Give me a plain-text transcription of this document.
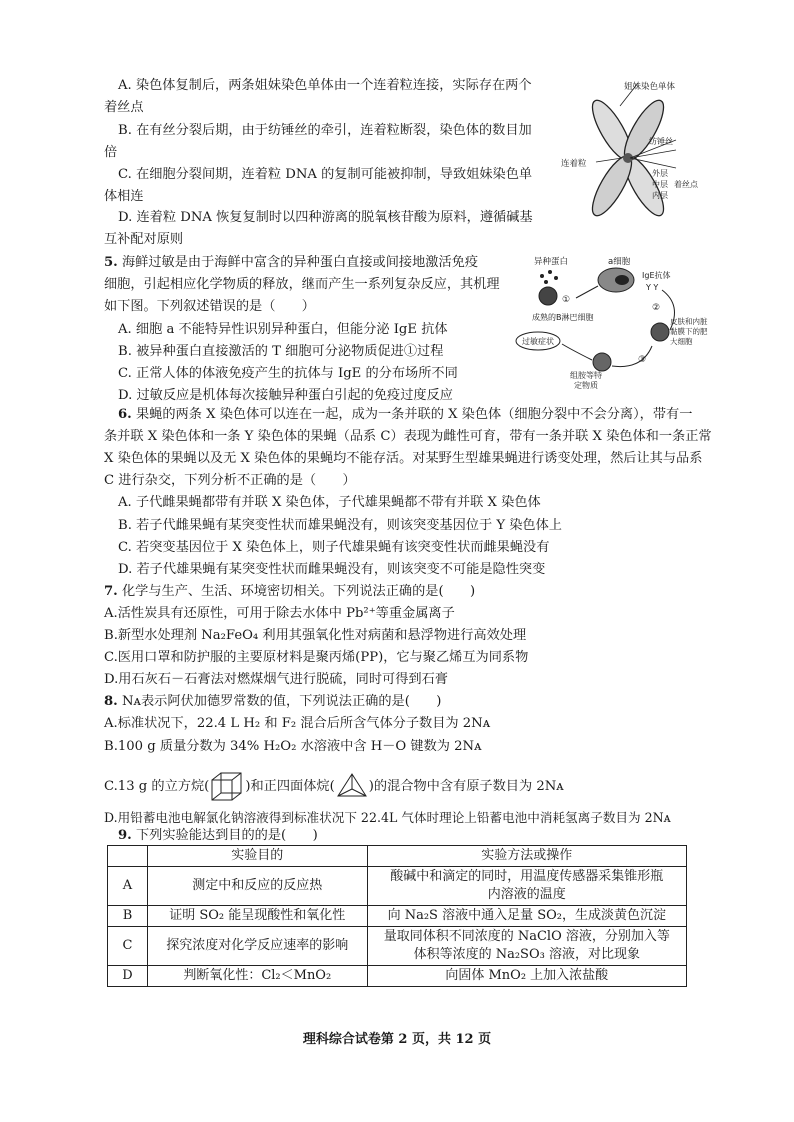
A. 染色体复制后，两条姐妹染色单体由一个连着粒连接，实际存在两个
着丝点
B. 在有丝分裂后期，由于纺锤丝的牵引，连着粒断裂，染色体的数目加
倍
C. 在细胞分裂间期，连着粒 DNA 的复制可能被抑制，导致姐妹染色单
体相连
D. 连着粒 DNA 恢复复制时以四种游离的脱氧核苷酸为原料，遵循碱基
互补配对原则
姐妹染色单体
纺锤丝
连着粒
外层
中层
内层
着丝点
5. 海鲜过敏是由于海鲜中富含的异种蛋白直接或间接地激活免疫
细胞，引起相应化学物质的释放，继而产生一系列复杂反应，其机理
如下图。下列叙述错误的是（　　）
A. 细胞 a 不能特异性识别异种蛋白，但能分泌 IgE 抗体
B. 被异种蛋白直接激活的 T 细胞可分泌物质促进①过程
C. 正常人体的体液免疫产生的抗体与 IgE 的分布场所不同
D. 过敏反应是机体每次接触异种蛋白引起的免疫过度反应
异种蛋白	a细胞
①
IgE抗体
Y Y
②
皮肤和内脏
黏膜下的肥
大细胞
成熟的B淋巴细胞
③
过敏症状
组胺等特
定物质
6. 果蝇的两条 X 染色体可以连在一起，成为一条并联的 X 染色体（细胞分裂中不会分离），带有一
条并联 X 染色体和一条 Y 染色体的果蝇（品系 C）表现为雌性可育，带有一条并联 X 染色体和一条正常
X 染色体的果蝇以及无 X 染色体的果蝇均不能存活。对某野生型雄果蝇进行诱变处理，然后让其与品系
C 进行杂交，下列分析不正确的是（　　）
A. 子代雌果蝇都带有并联 X 染色体，子代雄果蝇都不带有并联 X 染色体
B. 若子代雌果蝇有某突变性状而雄果蝇没有，则该突变基因位于 Y 染色体上
C. 若突变基因位于 X 染色体上，则子代雄果蝇有该突变性状而雌果蝇没有
D. 若子代雄果蝇有某突变性状而雌果蝇没有，则该突变不可能是隐性突变
7. 化学与生产、生活、环境密切相关。下列说法正确的是(　　)
A.活性炭具有还原性，可用于除去水体中 Pb²⁺等重金属离子
B.新型水处理剂 Na₂FeO₄ 利用其强氧化性对病菌和悬浮物进行高效处理
C.医用口罩和防护服的主要原材料是聚丙烯(PP)，它与聚乙烯互为同系物
D.用石灰石－石膏法对燃煤烟气进行脱硫，同时可得到石膏
8. Nᴀ表示阿伏加德罗常数的值，下列说法正确的是(　　)
A.标准状况下，22.4 L H₂ 和 F₂ 混合后所含气体分子数目为 2Nᴀ
B.100 g 质量分数为 34% H₂O₂ 水溶液中含 H－O 键数为 2Nᴀ
C.13 g 的立方烷(	)和正四面体烷(	)的混合物中含有原子数目为 2Nᴀ
D.用铅蓄电池电解氯化钠溶液得到标准状况下 22.4L 气体时理论上铅蓄电池中消耗氢离子数目为 2Nᴀ
9. 下列实验能达到目的的是(　　)
	实验目的	实验方法或操作
A	测定中和反应的反应热	酸碱中和滴定的同时，用温度传感器采集锥形瓶
内溶液的温度

B	证明 SO₂ 能呈现酸性和氧化性	向 Na₂S 溶液中通入足量 SO₂，生成淡黄色沉淀
C	探究浓度对化学反应速率的影响	量取同体积不同浓度的 NaClO 溶液，分别加入等
体积等浓度的 Na₂SO₃ 溶液，对比现象

D	判断氧化性：Cl₂＜MnO₂	向固体 MnO₂ 上加入浓盐酸
理科综合试卷第 2 页，共 12 页
